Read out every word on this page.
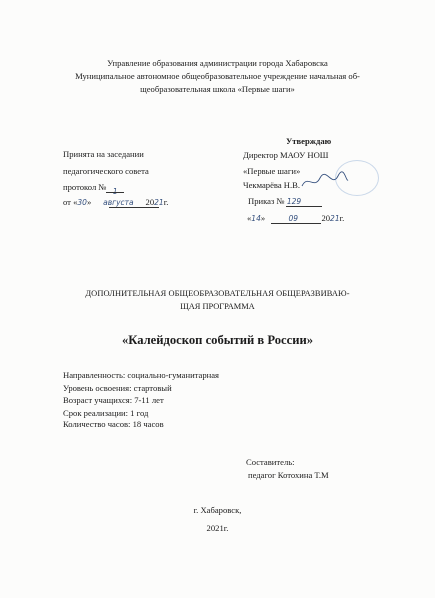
Управление образования администрации города Хабаровска
Муниципальное автономное общеобразовательное учреждение начальная об-
щеобразовательная школа «Первые шаги»
Принята на заседании
педагогического совета
протокол № 1
от «30» августа 2021г.
Утверждаю
Директор МАОУ НОШ
«Первые шаги»
Чекмарёва Н.В.
Приказ № 129
«14»	09	2021г.
ДОПОЛНИТЕЛЬНАЯ ОБЩЕОБРАЗОВАТЕЛЬНАЯ ОБЩЕРАЗВИВАЮ-
ЩАЯ ПРОГРАММА
«Калейдоскоп событий в России»
Направленность: социально-гуманитарная
Уровень освоения: стартовый
Возраст учащихся: 7-11 лет
Срок реализации: 1 год
Количество часов: 18 часов
Составитель:
педагог Котохина Т.М
г. Хабаровск,
2021г.
